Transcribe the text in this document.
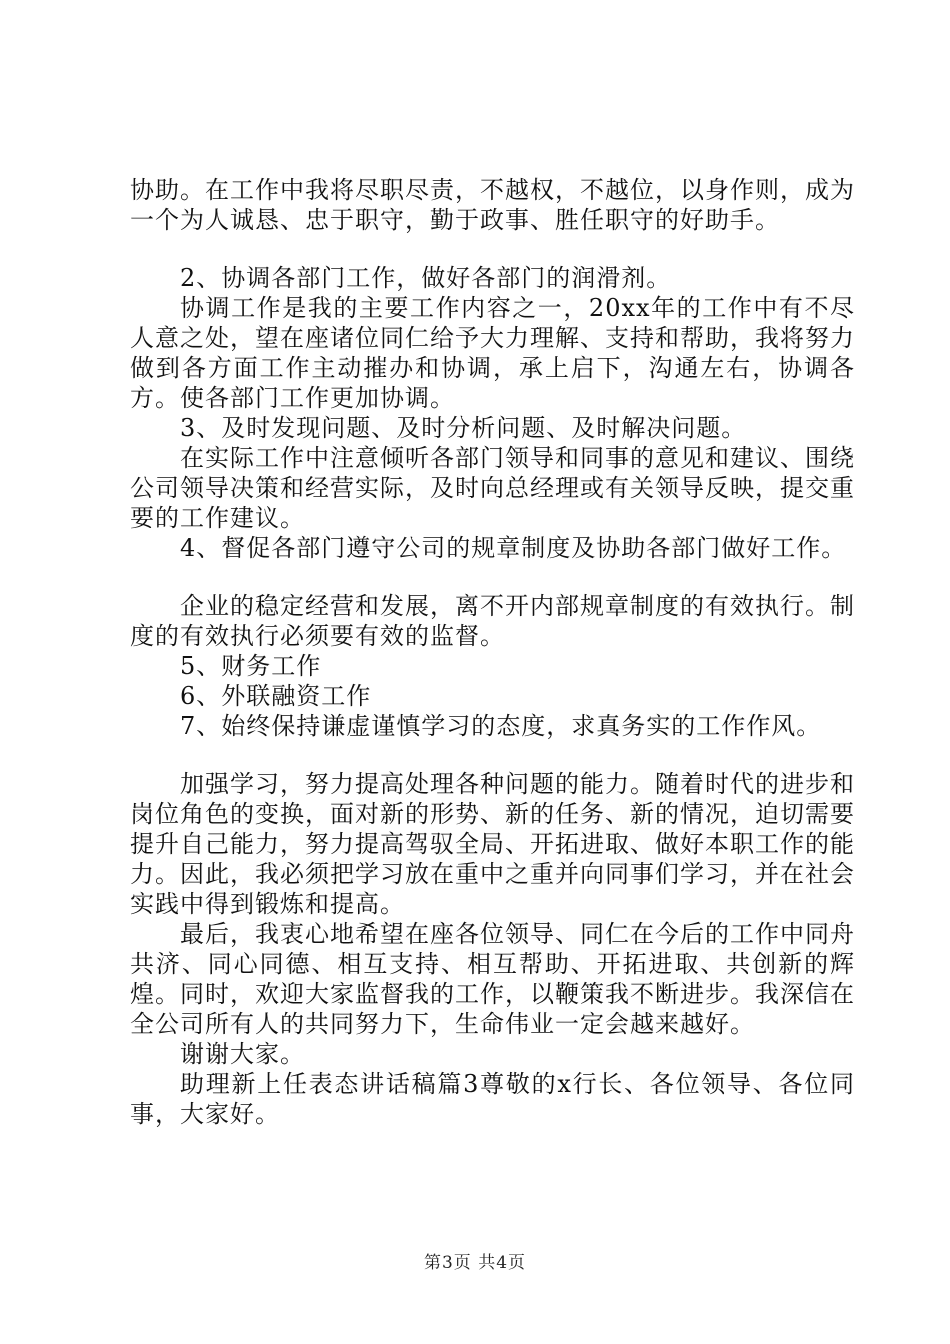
协助。在工作中我将尽职尽责，不越权，不越位，以身作则，成为一个为人诚恳、忠于职守，勤于政事、胜任职守的好助手。

2、协调各部门工作，做好各部门的润滑剂。

协调工作是我的主要工作内容之一，20xx年的工作中有不尽人意之处，望在座诸位同仁给予大力理解、支持和帮助，我将努力做到各方面工作主动摧办和协调，承上启下，沟通左右，协调各方。使各部门工作更加协调。

3、及时发现问题、及时分析问题、及时解决问题。

在实际工作中注意倾听各部门领导和同事的意见和建议、围绕公司领导决策和经营实际，及时向总经理或有关领导反映，提交重要的工作建议。

4、督促各部门遵守公司的规章制度及协助各部门做好工作。

企业的稳定经营和发展，离不开内部规章制度的有效执行。制度的有效执行必须要有效的监督。

5、财务工作

6、外联融资工作

7、始终保持谦虚谨慎学习的态度，求真务实的工作作风。

加强学习，努力提高处理各种问题的能力。随着时代的进步和岗位角色的变换，面对新的形势、新的任务、新的情况，迫切需要提升自己能力，努力提高驾驭全局、开拓进取、做好本职工作的能力。因此，我必须把学习放在重中之重并向同事们学习，并在社会实践中得到锻炼和提高。

最后，我衷心地希望在座各位领导、同仁在今后的工作中同舟共济、同心同德、相互支持、相互帮助、开拓进取、共创新的辉煌。同时，欢迎大家监督我的工作，以鞭策我不断进步。我深信在全公司所有人的共同努力下，生命伟业一定会越来越好。

谢谢大家。

助理新上任表态讲话稿篇3尊敬的x行长、各位领导、各位同事，大家好。

第3页 共4页
